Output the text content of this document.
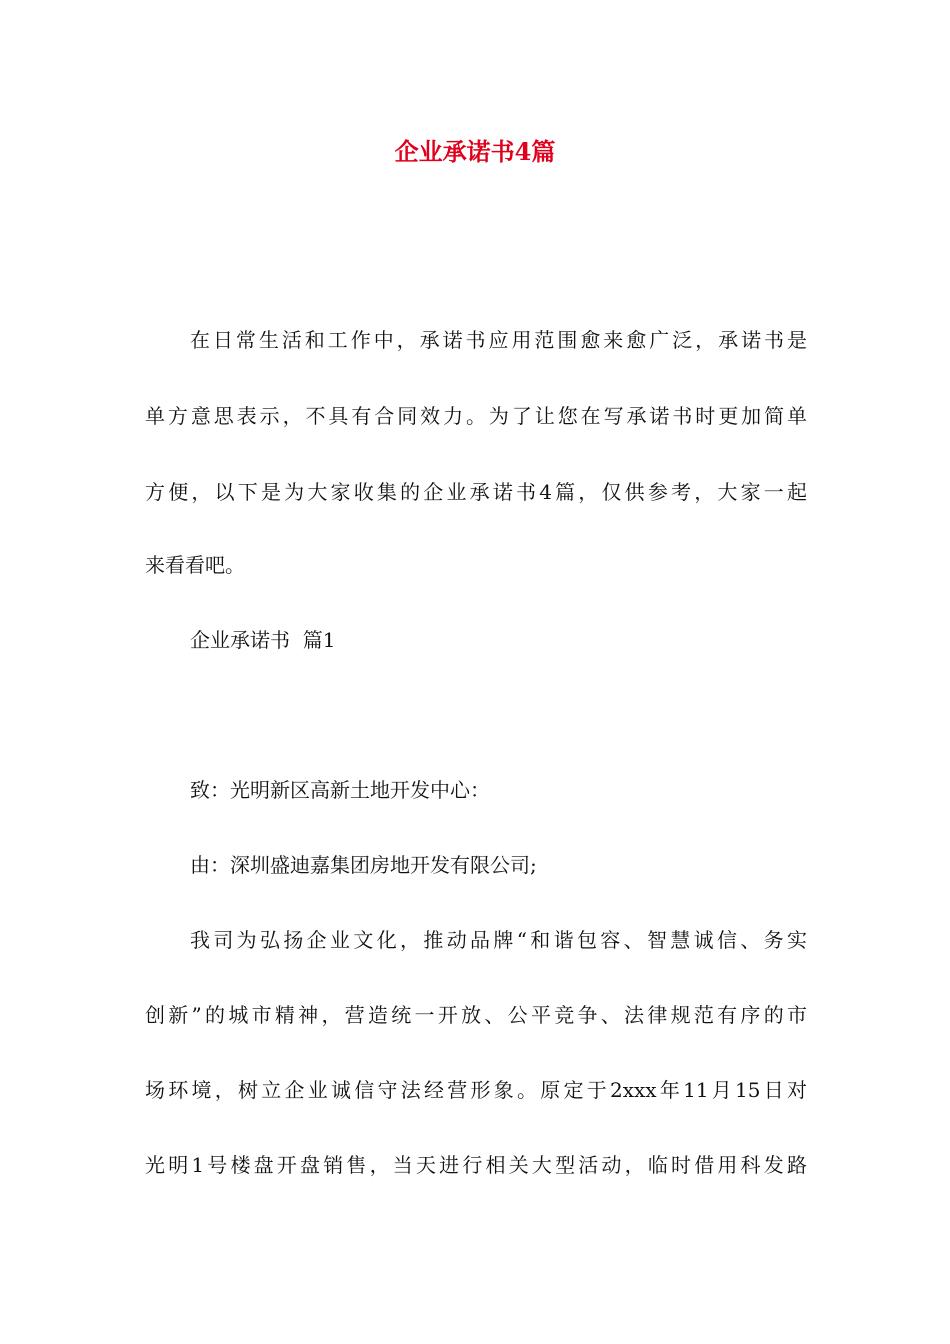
企业承诺书4篇
在日常生活和工作中，承诺书应用范围愈来愈广泛，承诺书是
单方意思表示，不具有合同效力。为了让您在写承诺书时更加简单
方便，以下是为大家收集的企业承诺书4篇，仅供参考，大家一起
来看看吧。
企业承诺书  篇1
致：光明新区高新土地开发中心：
由：深圳盛迪嘉集团房地开发有限公司;
我司为弘扬企业文化，推动品牌“和谐包容、智慧诚信、务实
创新”的城市精神，营造统一开放、公平竞争、法律规范有序的市
场环境，树立企业诚信守法经营形象。原定于2xxx年11月15日对
光明1号楼盘开盘销售，当天进行相关大型活动，临时借用科发路
